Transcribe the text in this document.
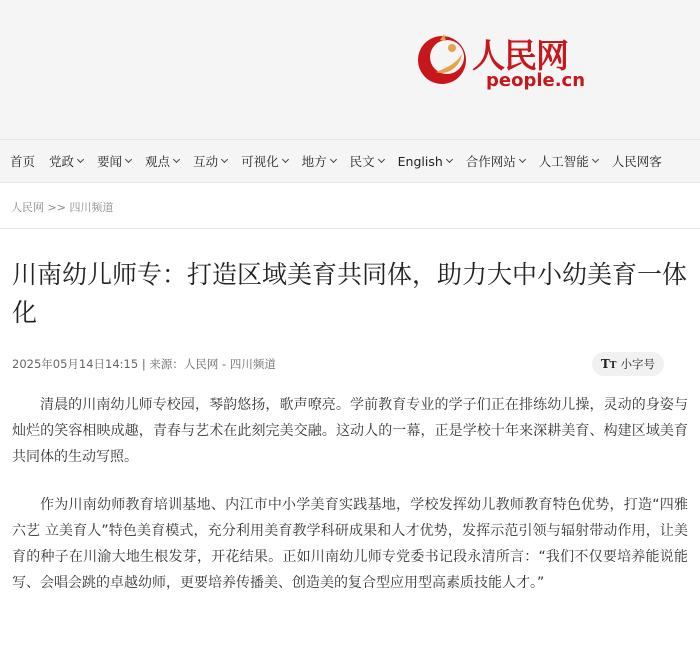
人民网
people.cn
首页 党政 要闻 观点 互动 可视化 地方 民文 English 合作网站 人工智能 人民网客
人民网 >> 四川频道
川南幼儿师专：打造区域美育共同体，助力大中小幼美育一体化
2025年05月14日14:15 | 来源：人民网 - 四川频道	TT 小字号

清晨的川南幼儿师专校园，琴韵悠扬，歌声嘹亮。学前教育专业的学子们正在排练幼儿操，灵动的身姿与灿烂的笑容相映成趣，青春与艺术在此刻完美交融。这动人的一幕，正是学校十年来深耕美育、构建区域美育共同体的生动写照。

作为川南幼师教育培训基地、内江市中小学美育实践基地，学校发挥幼儿教师教育特色优势，打造“四雅六艺 立美育人”特色美育模式，充分利用美育教学科研成果和人才优势，发挥示范引领与辐射带动作用，让美育的种子在川渝大地生根发芽，开花结果。正如川南幼儿师专党委书记段永清所言：“我们不仅要培养能说能写、会唱会跳的卓越幼师，更要培养传播美、创造美的复合型应用型高素质技能人才。”
